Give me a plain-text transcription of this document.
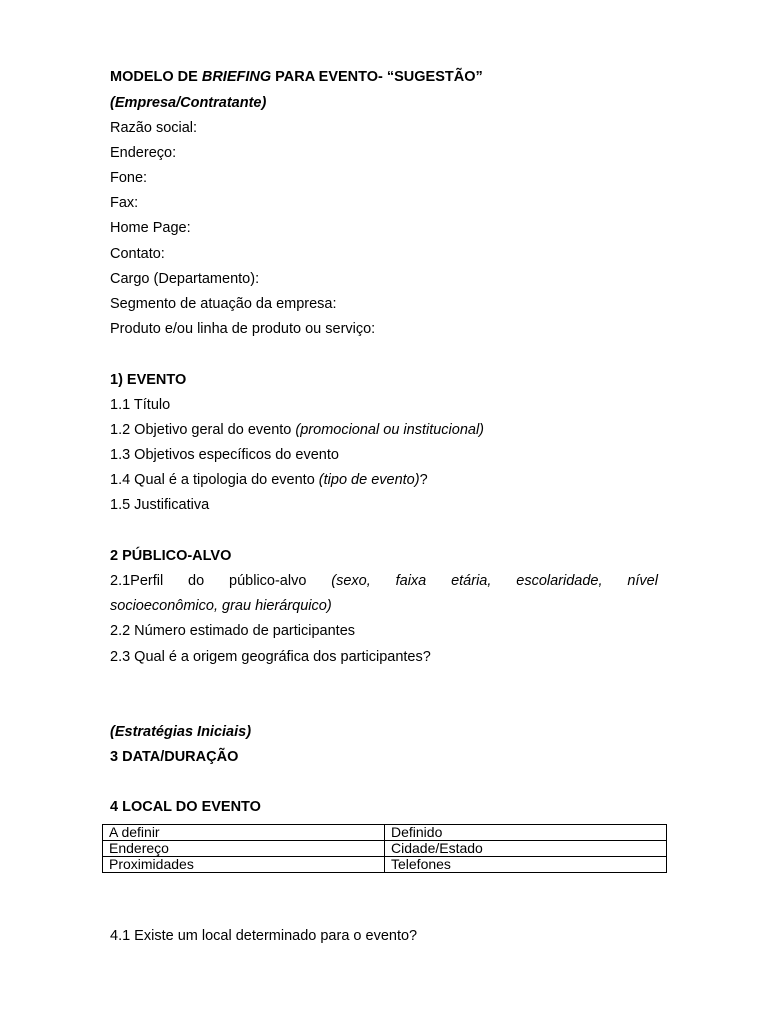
MODELO DE BRIEFING PARA EVENTO- “SUGESTÃO”
(Empresa/Contratante)
Razão social:
Endereço:
Fone:
Fax:
Home Page:
Contato:
Cargo (Departamento):
Segmento de atuação da empresa:
Produto e/ou linha de produto ou serviço:
1) EVENTO
1.1 Título
1.2 Objetivo geral do evento (promocional ou institucional)
1.3 Objetivos específicos do evento
1.4 Qual é a tipologia do evento (tipo de evento)?
1.5 Justificativa
2 PÚBLICO-ALVO
2.1Perfil do público-alvo (sexo, faixa etária, escolaridade, nível
socioeconômico, grau hierárquico)
2.2 Número estimado de participantes
2.3 Qual é a origem geográfica dos participantes?
(Estratégias Iniciais)
3 DATA/DURAÇÃO
4 LOCAL DO EVENTO
A definir	Definido
Endereço	Cidade/Estado
Proximidades	Telefones
4.1 Existe um local determinado para o evento?
